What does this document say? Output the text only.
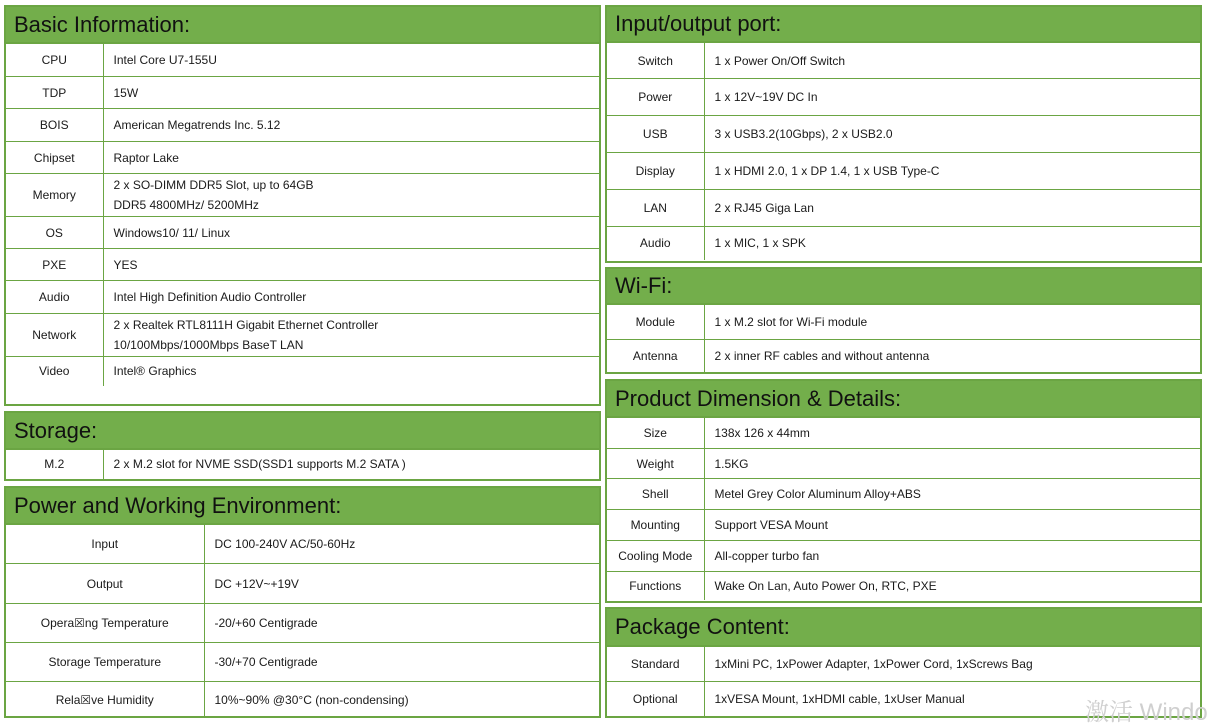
Basic Information:
CPU	Intel Core U7-155U

TDP	15W

BOIS	American Megatrends Inc. 5.12

Chipset	Raptor Lake

Memory	2 x SO-DIMM DDR5 Slot, up to 64GB
DDR5 4800MHz/ 5200MHz

OS	Windows10/ 11/ Linux

PXE	YES

Audio	Intel High Definition Audio Controller

Network	2 x Realtek RTL8111H Gigabit Ethernet Controller
10/100Mbps/1000Mbps BaseT LAN

Video	Intel® Graphics
Storage:
M.2	2 x M.2 slot for NVME SSD(SSD1 supports M.2 SATA )
Power and Working Environment:
Input	DC 100-240V AC/50-60Hz

Output	DC +12V~+19V

Opera☒ng Temperature	-20/+60 Centigrade

Storage Temperature	-30/+70 Centigrade

Rela☒ve Humidity	10%~90% @30°C (non-condensing)
Input/output port:
Switch	1 x Power On/Off Switch

Power	1 x 12V~19V DC In

USB	3 x USB3.2(10Gbps), 2 x USB2.0

Display	1 x HDMI 2.0, 1 x DP 1.4, 1 x USB Type-C

LAN	2 x RJ45 Giga Lan

Audio	1 x MIC, 1 x SPK
Wi-Fi:
Module	1 x M.2 slot for Wi-Fi module

Antenna	2 x inner RF cables and without antenna
Product Dimension & Details:
Size	138x 126 x 44mm

Weight	1.5KG

Shell	Metel Grey Color Aluminum Alloy+ABS

Mounting	Support VESA Mount

Cooling Mode	All-copper turbo fan

Functions	Wake On Lan, Auto Power On, RTC, PXE
Package Content:
Standard	1xMini PC, 1xPower Adapter, 1xPower Cord, 1xScrews Bag

Optional	1xVESA Mount, 1xHDMI cable, 1xUser Manual	激活 Windo
